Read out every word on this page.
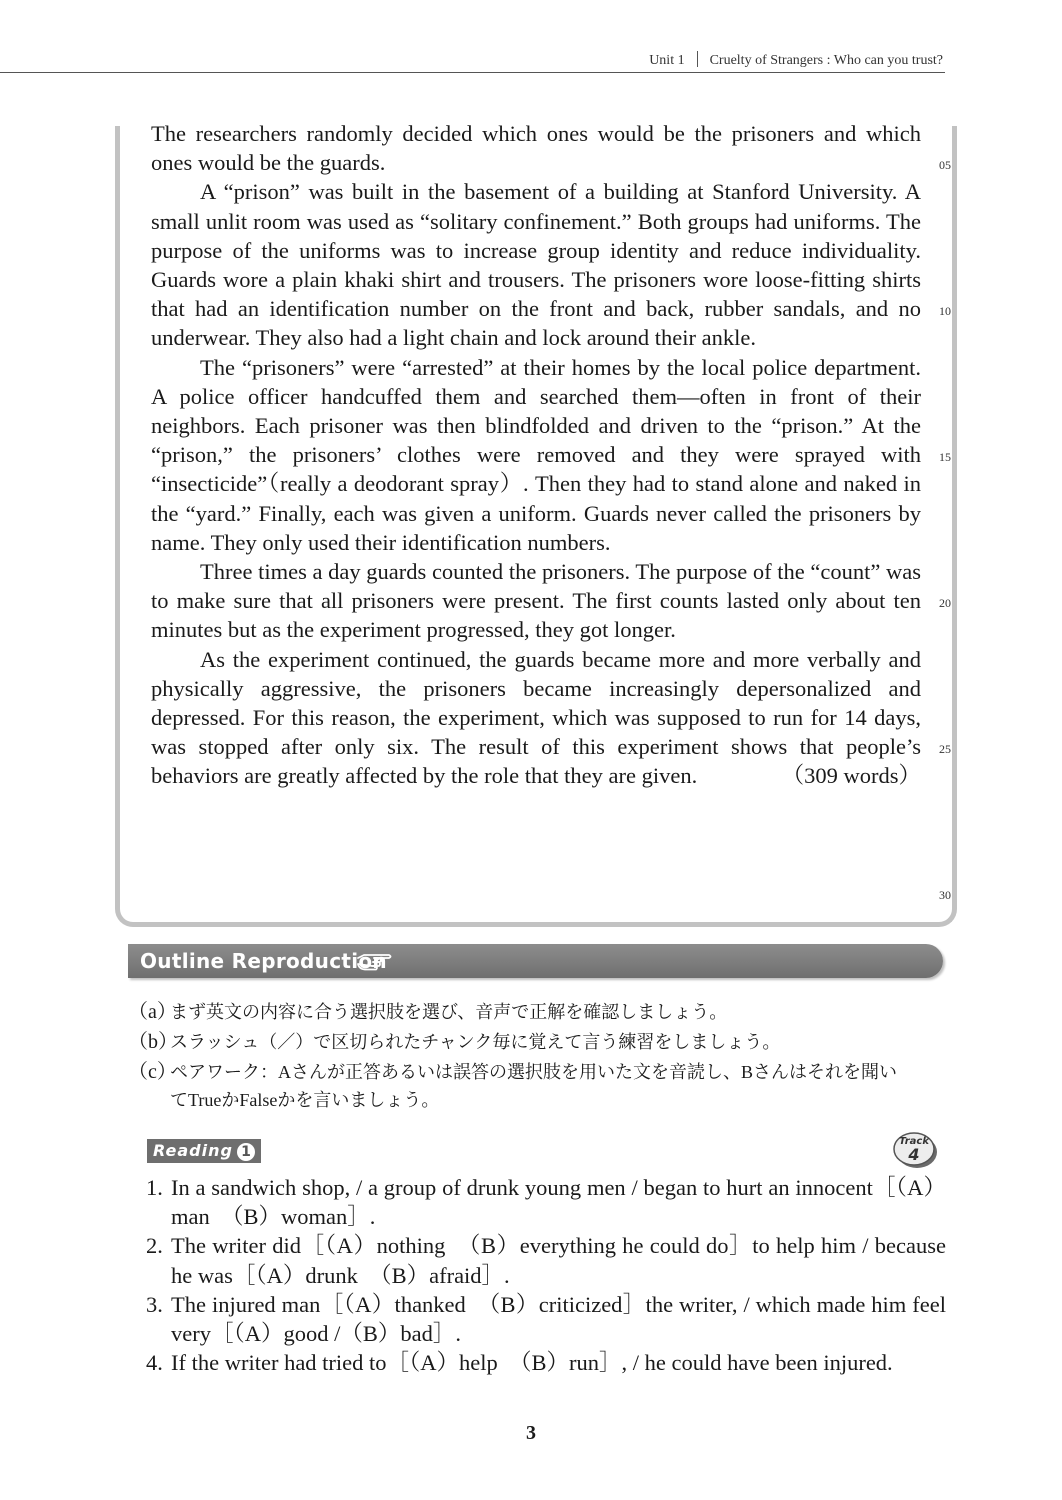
Unit 1 Cruelty of Strangers : Who can you trust?

The researchers randomly decided which ones would be the prisoners and which ones would be the guards.

A “prison” was built in the basement of a building at Stanford University. A small unlit room was used as “solitary confinement.” Both groups had uniforms. The purpose of the uniforms was to increase group identity and reduce individuality. Guards wore a plain khaki shirt and trousers. The prisoners wore loose-fitting shirts that had an identification number on the front and back, rubber sandals, and no underwear. They also had a light chain and lock around their ankle.

The “prisoners” were “arrested” at their homes by the local police department. A police officer handcuffed them and searched them—often in front of their neighbors. Each prisoner was then blindfolded and driven to the “prison.” At the “prison,” the prisoners’ clothes were removed and they were sprayed with “insecticide”（really a deodorant spray）. Then they had to stand alone and naked in the “yard.” Finally, each was given a uniform. Guards never called the prisoners by name. They only used their identification numbers.

Three times a day guards counted the prisoners. The purpose of the “count” was to make sure that all prisoners were present. The first counts lasted only about ten minutes but as the experiment progressed, they got longer.

As the experiment continued, the guards became more and more verbally and physically aggressive, the prisoners became increasingly depersonalized and depressed. For this reason, the experiment, which was supposed to run for 14 days, was stopped after only six. The result of this experiment shows that people’s behaviors are greatly affected by the role that they are given.	（309 words）

05
10
15
20
25
30
Outline Reproduction
（a）まず英文の内容に合う選択肢を選び、音声で正解を確認しましょう。
（b）スラッシュ（／）で区切られたチャンク毎に覚えて言う練習をしましょう。
（c）ペアワーク：Aさんが正答あるいは誤答の選択肢を用いた文を音読し、Bさんはそれを聞い
てTrueかFalseかを言いましょう。
Reading 1
Track
4
1. In a sandwich shop, / a group of drunk young men / began to hurt an innocent［（A）man　（B）woman］.
2. The writer did［（A）nothing　（B）everything he could do］to help him / because he was［（A）drunk　（B）afraid］.
3. The injured man［（A）thanked　（B）criticized］the writer, / which made him feel very［（A）good /（B）bad］.
4. If the writer had tried to［（A）help　（B）run］, / he could have been injured.
3
